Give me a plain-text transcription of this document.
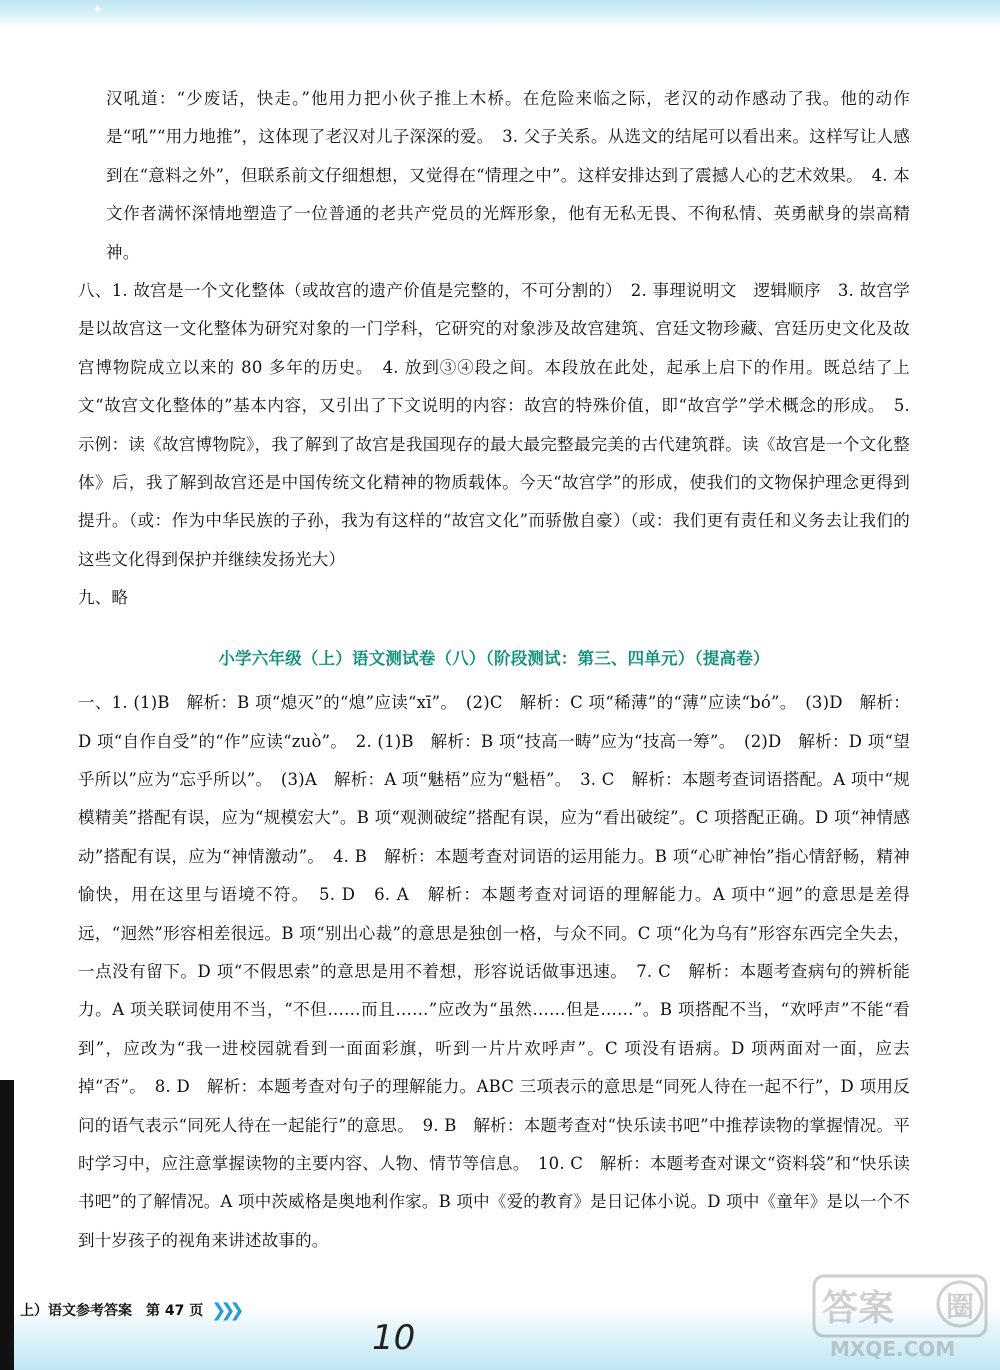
✦

汉吼道：“少废话，快走。”他用力把小伙子推上木桥。在危险来临之际，老汉的动作感动了我。他的动作是“吼”“用力地推”，这体现了老汉对儿子深深的爱。　3. 父子关系。从选文的结尾可以看出来。这样写让人感到在“意料之外”，但联系前文仔细想想，又觉得在“情理之中”。这样安排达到了震撼人心的艺术效果。　4. 本文作者满怀深情地塑造了一位普通的老共产党员的光辉形象，他有无私无畏、不徇私情、英勇献身的崇高精神。

八、1. 故宫是一个文化整体（或故宫的遗产价值是完整的，不可分割的）　2. 事理说明文　逻辑顺序　3. 故宫学是以故宫这一文化整体为研究对象的一门学科，它研究的对象涉及故宫建筑、宫廷文物珍藏、宫廷历史文化及故宫博物院成立以来的 80 多年的历史。　4. 放到③④段之间。本段放在此处，起承上启下的作用。既总结了上文“故宫文化整体的”基本内容，又引出了下文说明的内容：故宫的特殊价值，即“故宫学”学术概念的形成。　5. 示例：读《故宫博物院》，我了解到了故宫是我国现存的最大最完整最完美的古代建筑群。读《故宫是一个文化整体》后，我了解到故宫还是中国传统文化精神的物质载体。今天“故宫学”的形成，使我们的文物保护理念更得到提升。（或：作为中华民族的子孙，我为有这样的“故宫文化”而骄傲自豪）（或：我们更有责任和义务去让我们的这些文化得到保护并继续发扬光大）

九、略

小学六年级（上）语文测试卷（八）（阶段测试：第三、四单元）（提高卷）

一、1. (1)B　解析：B 项“熄灭”的“熄”应读“xī”。　(2)C　解析：C 项“稀薄”的“薄”应读“bó”。　(3)D　解析：D 项“自作自受”的“作”应读“zuò”。　2. (1)B　解析：B 项“技高一畴”应为“技高一筹”。　(2)D　解析：D 项“望乎所以”应为“忘乎所以”。　(3)A　解析：A 项“魅梧”应为“魁梧”。　3. C　解析：本题考查词语搭配。A 项中“规模精美”搭配有误，应为“规模宏大”。B 项“观测破绽”搭配有误，应为“看出破绽”。C 项搭配正确。D 项“神情感动”搭配有误，应为“神情激动”。　4. B　解析：本题考查对词语的运用能力。B 项“心旷神怡”指心情舒畅，精神愉快，用在这里与语境不符。　5. D　6. A　解析：本题考查对词语的理解能力。A 项中“迥”的意思是差得远，“迥然”形容相差很远。B 项“别出心裁”的意思是独创一格，与众不同。C 项“化为乌有”形容东西完全失去，一点没有留下。D 项“不假思索”的意思是用不着想，形容说话做事迅速。　7. C　解析：本题考查病句的辨析能力。A 项关联词使用不当，“不但……而且……”应改为“虽然……但是……”。B 项搭配不当，“欢呼声”不能“看到”，应改为“我一进校园就看到一面面彩旗，听到一片片欢呼声”。C 项没有语病。D 项两面对一面，应去掉“否”。　8. D　解析：本题考查对句子的理解能力。ABC 三项表示的意思是“同死人待在一起不行”，D 项用反问的语气表示“同死人待在一起能行”的意思。　9. B　解析：本题考查对“快乐读书吧”中推荐读物的掌握情况。平时学习中，应注意掌握读物的主要内容、人物、情节等信息。　10. C　解析：本题考查对课文“资料袋”和“快乐读书吧”的了解情况。A 项中茨威格是奥地利作家。B 项中《爱的教育》是日记体小说。D 项中《童年》是以一个不到十岁孩子的视角来讲述故事的。

上）语文参考答案　第 47 页 ❯❯❯
10
答案 圈
MXQE.COM
